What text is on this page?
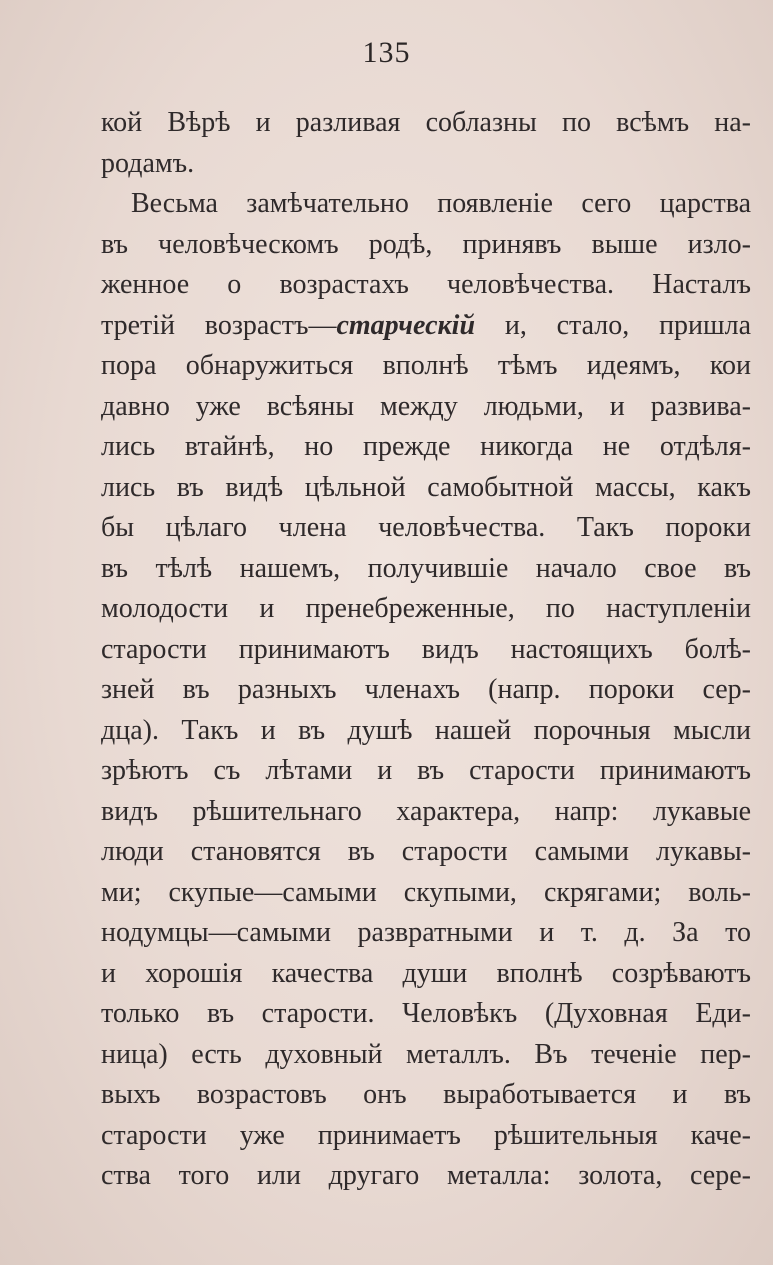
135
кой Вѣрѣ и разливая соблазны по всѣмъ на-
родамъ.
Весьма замѣчательно появленіе сего царства
въ человѣческомъ родѣ, принявъ выше изло-
женное о возрастахъ человѣчества. Насталъ
третій возрастъ—старческій и, стало, пришла
пора обнаружиться вполнѣ тѣмъ идеямъ, кои
давно уже всѣяны между людьми, и развива-
лись втайнѣ, но прежде никогда не отдѣля-
лись въ видѣ цѣльной самобытной массы, какъ
бы цѣлаго члена человѣчества. Такъ пороки
въ тѣлѣ нашемъ, получившіе начало свое въ
молодости и пренебреженные, по наступленіи
старости принимаютъ видъ настоящихъ болѣ-
зней въ разныхъ членахъ (напр. пороки сер-
дца). Такъ и въ душѣ нашей порочныя мысли
зрѣютъ съ лѣтами и въ старости принимаютъ
видъ рѣшительнаго характера, напр: лукавые
люди становятся въ старости самыми лукавы-
ми; скупые—самыми скупыми, скрягами; воль-
нодумцы—самыми развратными и т. д. За то
и хорошія качества души вполнѣ созрѣваютъ
только въ старости. Человѣкъ (Духовная Еди-
ница) есть духовный металлъ. Въ теченіе пер-
выхъ возрастовъ онъ выработывается и въ
старости уже принимаетъ рѣшительныя каче-
ства того или другаго металла: золота, сере-
